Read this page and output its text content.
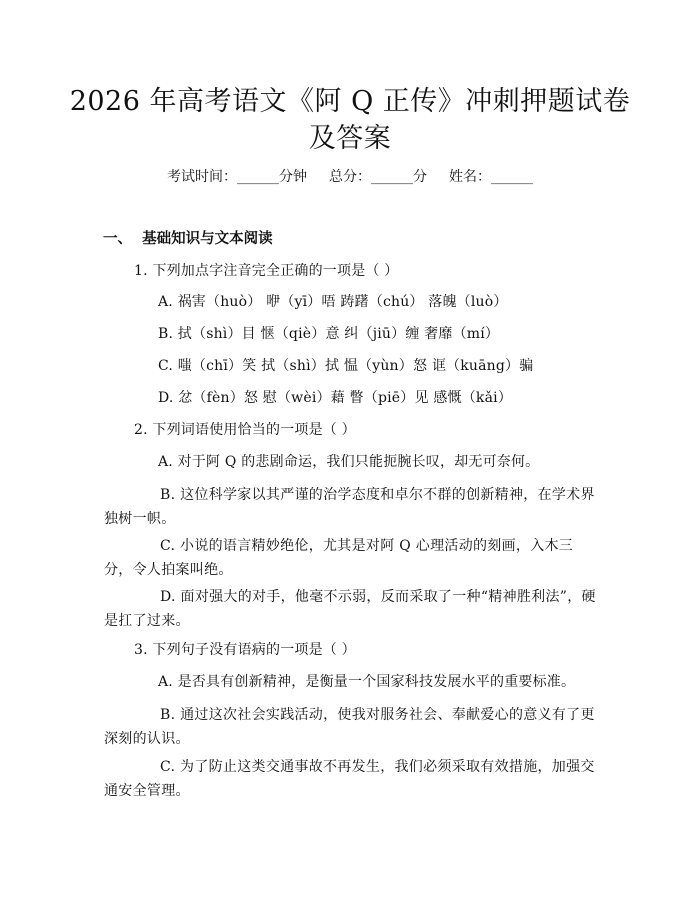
2026 年高考语文《阿 Q 正传》冲刺押题试卷
及答案
考试时间：______分钟 总分：______分 姓名：______
一、  基础知识与文本阅读
1. 下列加点字注音完全正确的一项是（ ）
A. 祸害（huò） 咿（yī）唔 踌躇（chú） 落魄（luò）
B. 拭（shì）目 惬（qiè）意 纠（jiū）缠 奢靡（mí）
C. 嗤（chī）笑 拭（shì）拭 愠（yùn）怒 诓（kuāng）骗
D. 忿（fèn）怒 慰（wèi）藉 瞥（piē）见 感慨（kǎi）
2. 下列词语使用恰当的一项是（ ）
A. 对于阿 Q 的悲剧命运，我们只能扼腕长叹，却无可奈何。
B. 这位科学家以其严谨的治学态度和卓尔不群的创新精神，在学术界独树一帜。
C. 小说的语言精妙绝伦，尤其是对阿 Q 心理活动的刻画，入木三分，令人拍案叫绝。
D. 面对强大的对手，他毫不示弱，反而采取了一种“精神胜利法”，硬是扛了过来。
3. 下列句子没有语病的一项是（ ）
A. 是否具有创新精神，是衡量一个国家科技发展水平的重要标准。
B. 通过这次社会实践活动，使我对服务社会、奉献爱心的意义有了更深刻的认识。
C. 为了防止这类交通事故不再发生，我们必须采取有效措施，加强交通安全管理。
